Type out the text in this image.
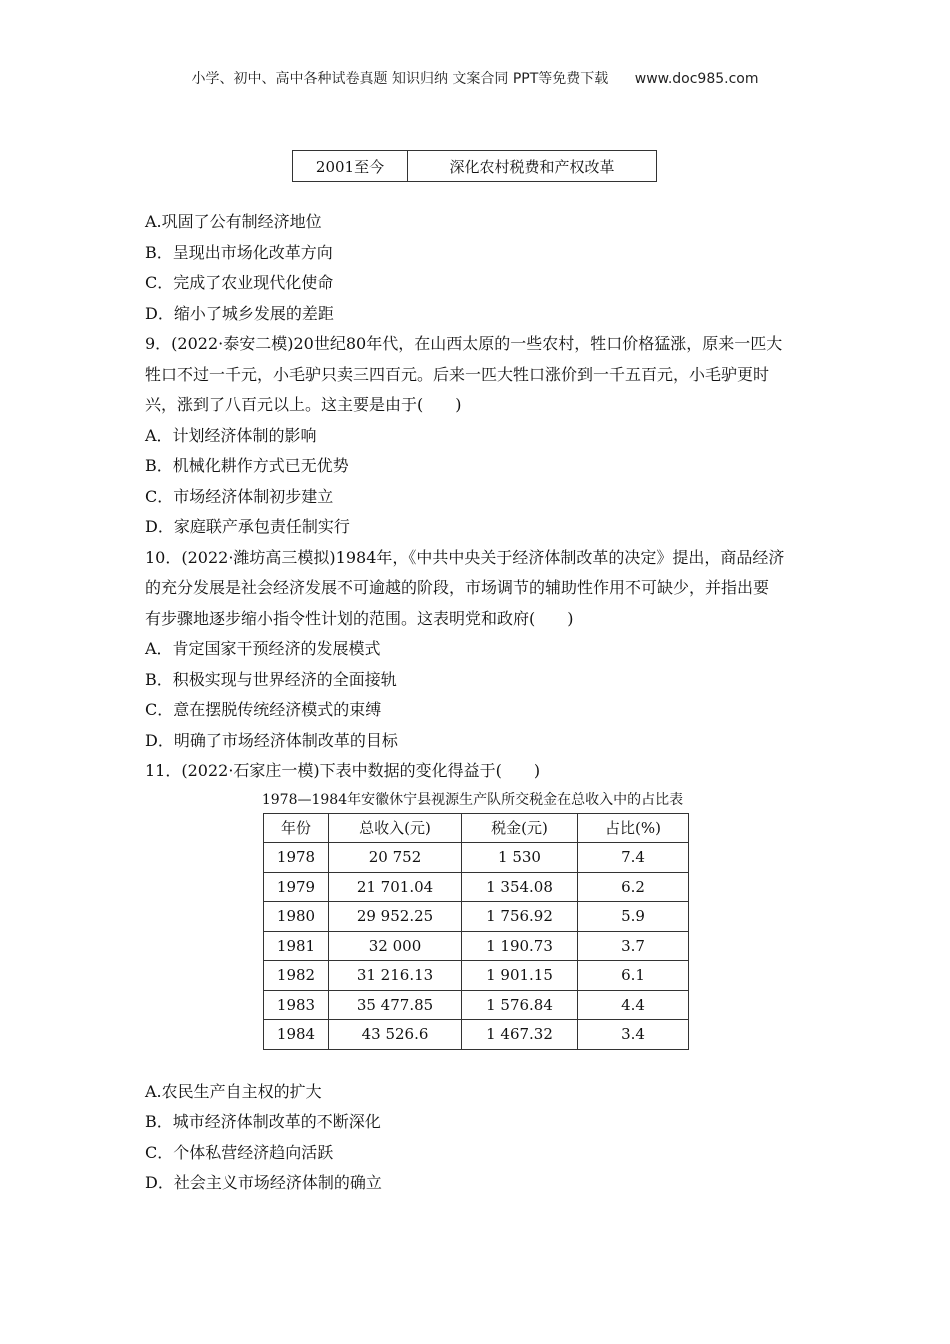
小学、初中、高中各种试卷真题 知识归纳 文案合同 PPT等免费下载 www.doc985.com
2001至今	深化农村税费和产权改革
A.巩固了公有制经济地位
B．呈现出市场化改革方向
C．完成了农业现代化使命
D．缩小了城乡发展的差距
9．(2022·泰安二模)20世纪80年代，在山西太原的一些农村，牲口价格猛涨，原来一匹大
牲口不过一千元，小毛驴只卖三四百元。后来一匹大牲口涨价到一千五百元，小毛驴更时
兴，涨到了八百元以上。这主要是由于(　　)
A．计划经济体制的影响
B．机械化耕作方式已无优势
C．市场经济体制初步建立
D．家庭联产承包责任制实行
10．(2022·潍坊高三模拟)1984年，《中共中央关于经济体制改革的决定》提出，商品经济
的充分发展是社会经济发展不可逾越的阶段，市场调节的辅助性作用不可缺少，并指出要
有步骤地逐步缩小指令性计划的范围。这表明党和政府(　　)
A．肯定国家干预经济的发展模式
B．积极实现与世界经济的全面接轨
C．意在摆脱传统经济模式的束缚
D．明确了市场经济体制改革的目标
11．(2022·石家庄一模)下表中数据的变化得益于(　　)
1978—1984年安徽休宁县视源生产队所交税金在总收入中的占比表
年份	总收入(元)	税金(元)	占比(%)
1978	20 752	1 530	7.4
1979	21 701.04	1 354.08	6.2
1980	29 952.25	1 756.92	5.9
1981	32 000	1 190.73	3.7
1982	31 216.13	1 901.15	6.1
1983	35 477.85	1 576.84	4.4
1984	43 526.6	1 467.32	3.4
A.农民生产自主权的扩大
B．城市经济体制改革的不断深化
C．个体私营经济趋向活跃
D．社会主义市场经济体制的确立
